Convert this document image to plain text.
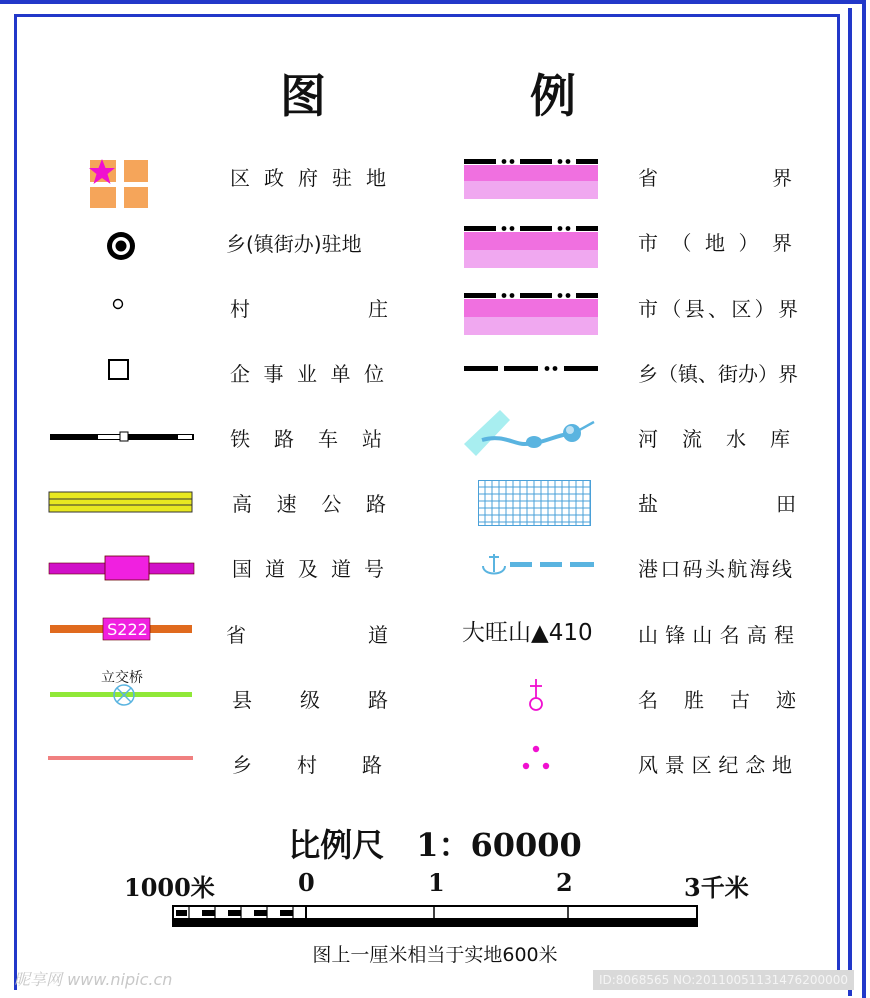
图	例
S222
立交桥
区 政 府 驻 地
乡(镇街办)驻地
村	庄
企 事 业 单 位
铁 路 车 站
高 速 公 路
国 道 及 道 号
省	道
县 级 路
乡 村 路
大旺山▲410
省	界
市 （ 地 ） 界
市 （ 县 、 区 ） 界
乡 （ 镇 、 街 办 ） 界
河 流 水 库
盐	田
港 口 码 头 航 海 线
山 锋 山 名 高 程
名 胜 古 迹
风 景 区 纪 念 地
比例尺　1：60000
1000米	0	1	2	3千米
图上一厘米相当于实地600米
昵享网 www.nipic.cn	ID:8068565 NO:20110051131476200000
